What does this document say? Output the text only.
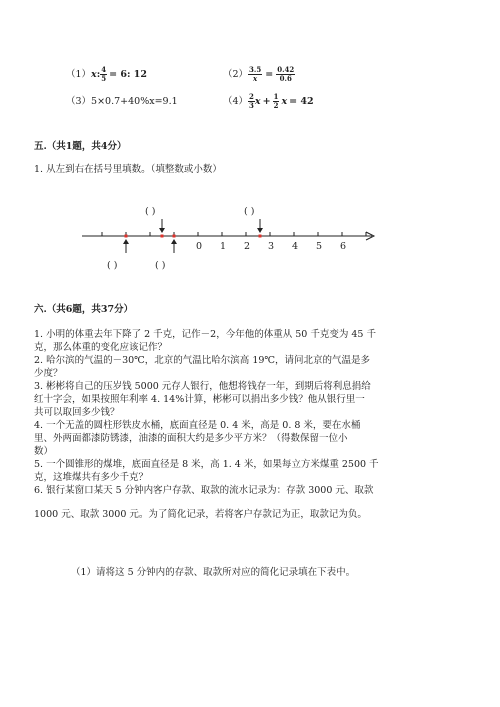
（1）x: $\frac{4}{5} = 6$: 12	$(2) \frac{3.5}{x} = \frac{0.42}{0.6}$
（3）5×0.7+40%x=9.1	$(4) \frac{2}{3}$ $x + \frac{1}{2}$ x = 42
五.（共1题，共4分）
1. 从左到右在括号里填数。（填整数或小数）
( )	( )
( )	( )
0 1 2 3 4 5 6
六.（共6题，共37分）
1. 小明的体重去年下降了 2 千克，记作－2，今年他的体重从 50 千克变为 45 千
克，那么体重的变化应该记作？
2. 哈尔滨的气温的－30℃，北京的气温比哈尔滨高 19℃，请问北京的气温是多
少度？
3. 彬彬将自己的压岁钱 5000 元存人银行，他想将钱存一年，到期后将利息捐给
红十字会，如果按照年利率 4. 14%计算，彬彬可以捐出多少钱？他从银行里一
共可以取回多少钱？
4. 一个无盖的圆柱形铁皮水桶，底面直径是 0. 4 米，高是 0. 8 米，要在水桶
里、外两面都漆防锈漆，油漆的面积大约是多少平方米？（得数保留一位小
数）
5. 一个圆锥形的煤堆，底面直径是 8 米，高 1. 4 米，如果每立方米煤重 2500 千
克，这堆煤共有多少千克？
6. 银行某窗口某天 5 分钟内客户存款、取款的流水记录为：存款 3000 元、取款
1000 元、取款 3000 元。为了简化记录，若将客户存款记为正，取款记为负。
（1）请将这 5 分钟内的存款、取款所对应的简化记录填在下表中。
